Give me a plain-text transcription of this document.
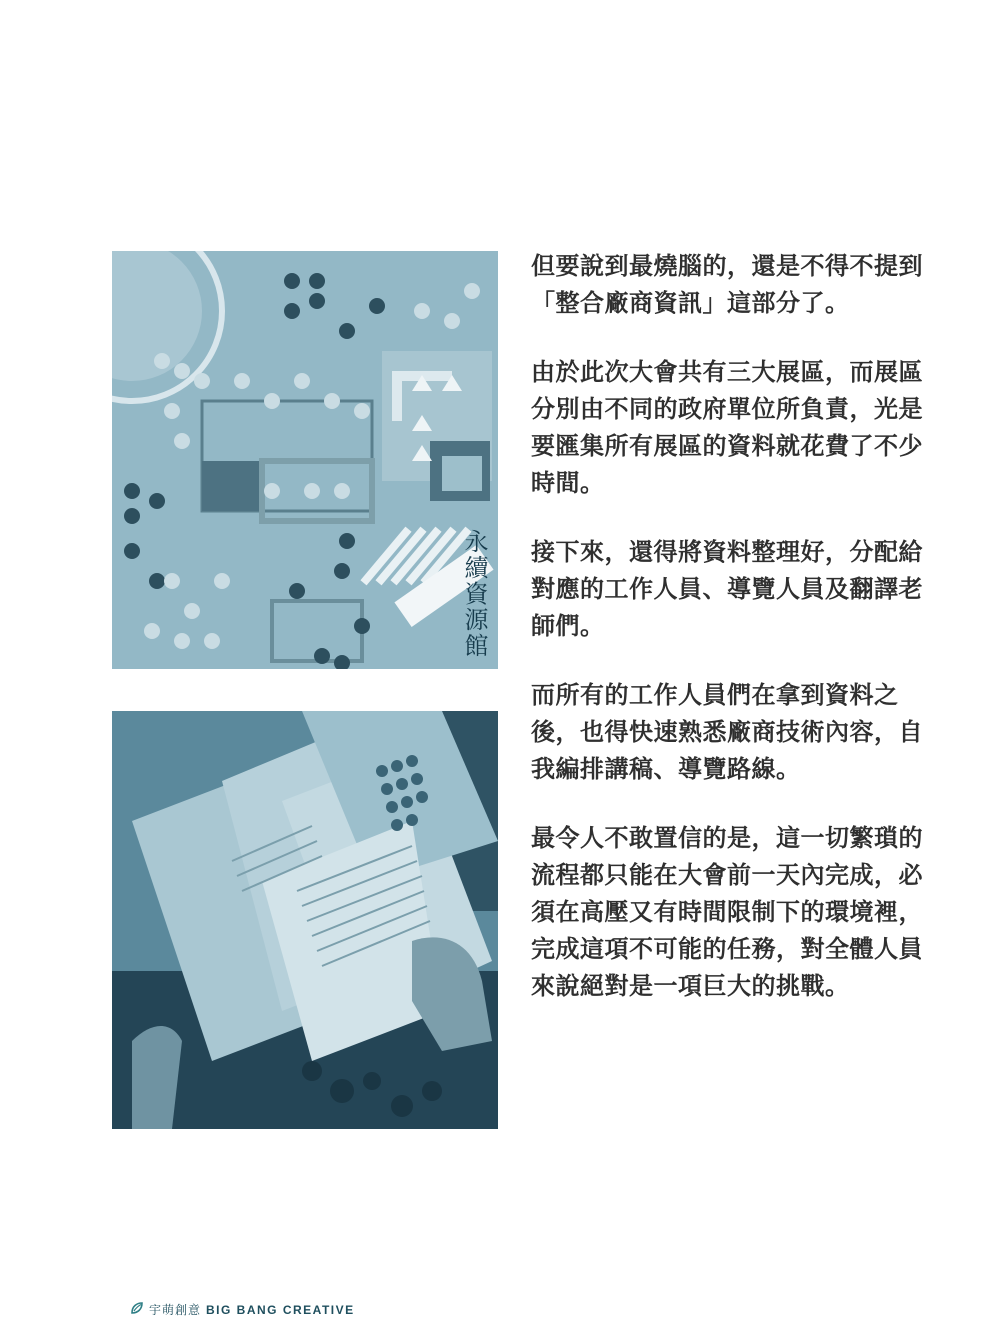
永續資源館

但要說到最燒腦的，還是不得不提到「整合廠商資訊」這部分了。

由於此次大會共有三大展區，而展區分別由不同的政府單位所負責，光是要匯集所有展區的資料就花費了不少時間。

接下來，還得將資料整理好，分配給對應的工作人員、導覽人員及翻譯老師們。

而所有的工作人員們在拿到資料之後，也得快速熟悉廠商技術內容，自我編排講稿、導覽路線。

最令人不敢置信的是，這一切繁瑣的流程都只能在大會前一天內完成，必須在高壓又有時間限制下的環境裡，完成這項不可能的任務，對全體人員來說絕對是一項巨大的挑戰。

宇萌創意 BIG BANG CREATIVE
